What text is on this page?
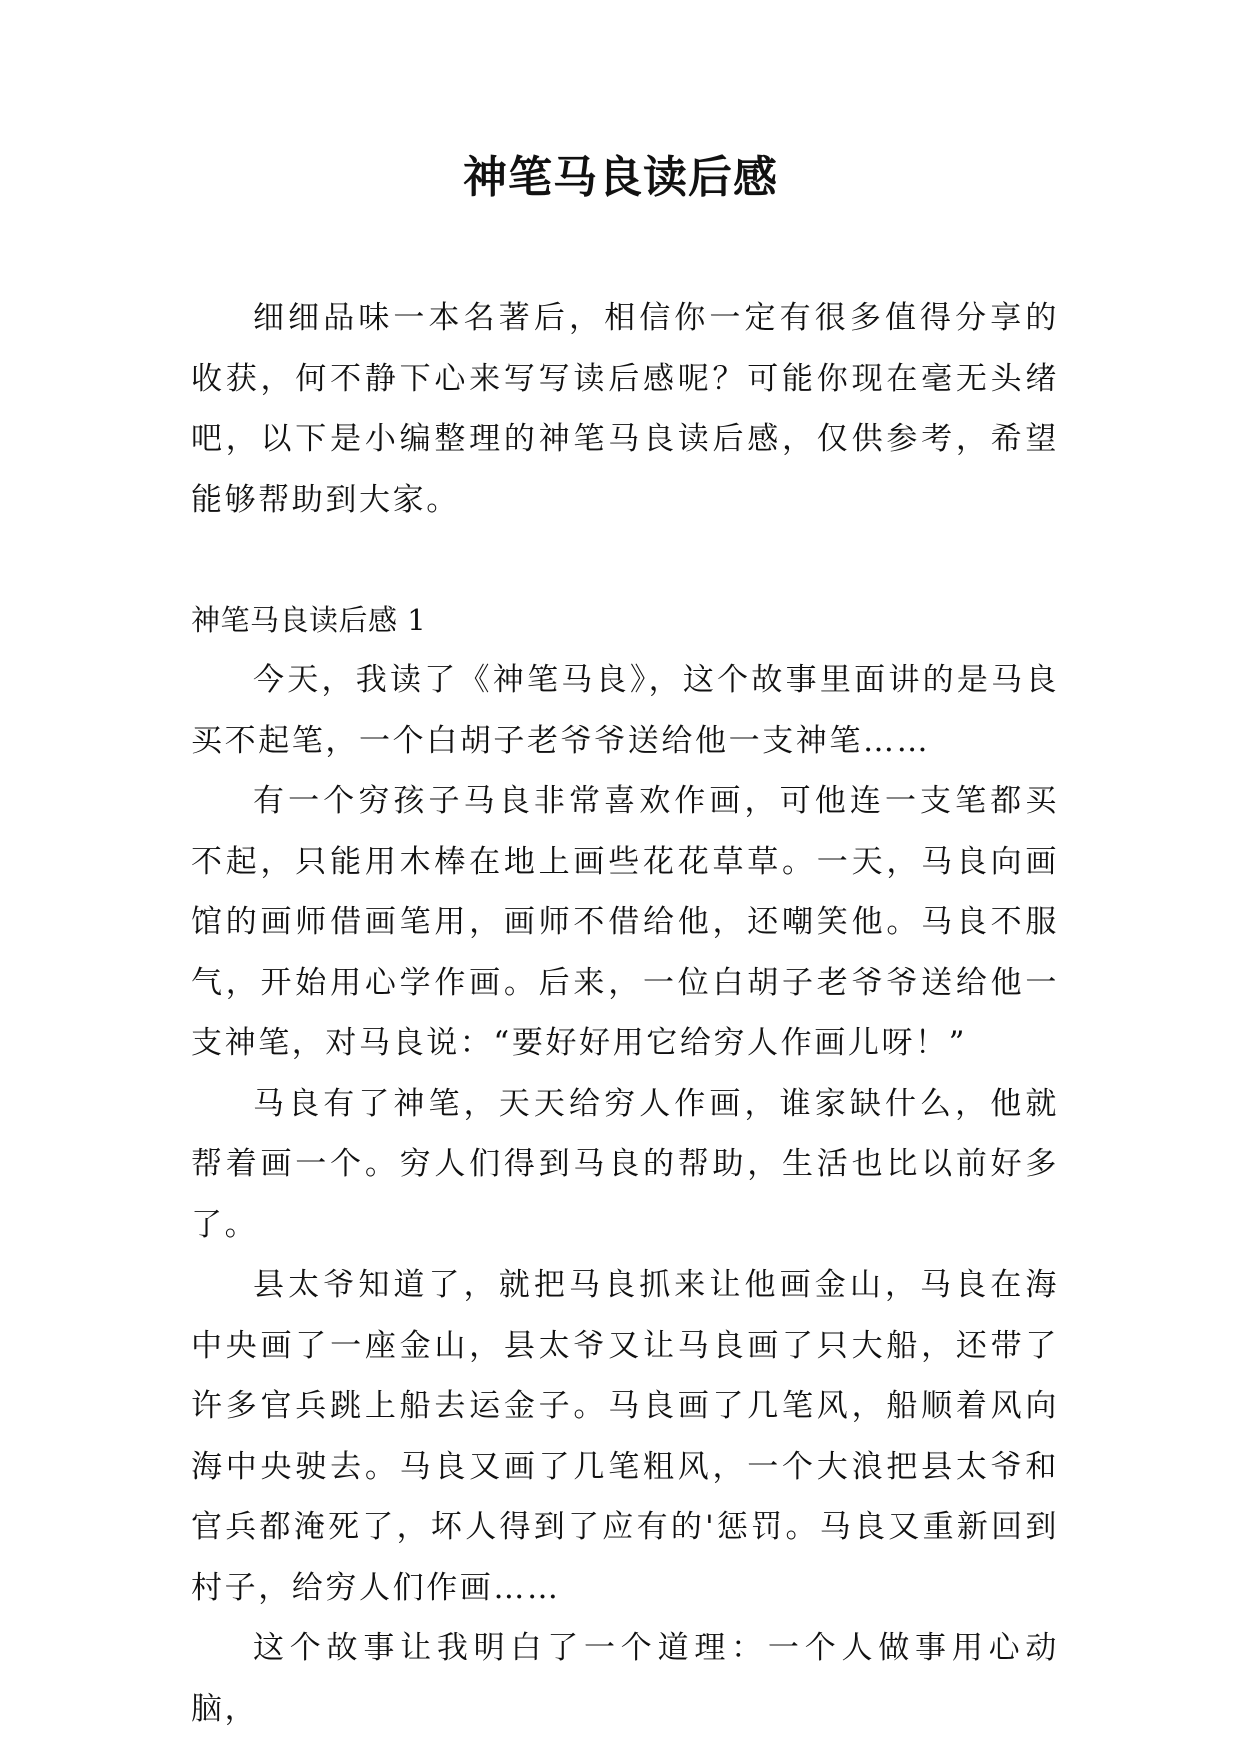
神笔马良读后感

细细品味一本名著后，相信你一定有很多值得分享的收获，何不静下心来写写读后感呢？可能你现在毫无头绪吧，以下是小编整理的神笔马良读后感，仅供参考，希望能够帮助到大家。

神笔马良读后感 1

今天，我读了《神笔马良》，这个故事里面讲的是马良买不起笔，一个白胡子老爷爷送给他一支神笔……

有一个穷孩子马良非常喜欢作画，可他连一支笔都买不起，只能用木棒在地上画些花花草草。一天，马良向画馆的画师借画笔用，画师不借给他，还嘲笑他。马良不服气，开始用心学作画。后来，一位白胡子老爷爷送给他一支神笔，对马良说：“要好好用它给穷人作画儿呀！”

马良有了神笔，天天给穷人作画，谁家缺什么，他就帮着画一个。穷人们得到马良的帮助，生活也比以前好多了。

县太爷知道了，就把马良抓来让他画金山，马良在海中央画了一座金山，县太爷又让马良画了只大船，还带了许多官兵跳上船去运金子。马良画了几笔风，船顺着风向海中央驶去。马良又画了几笔粗风，一个大浪把县太爷和官兵都淹死了，坏人得到了应有的'惩罚。马良又重新回到村子，给穷人们作画……

这个故事让我明白了一个道理：一个人做事用心动脑，
